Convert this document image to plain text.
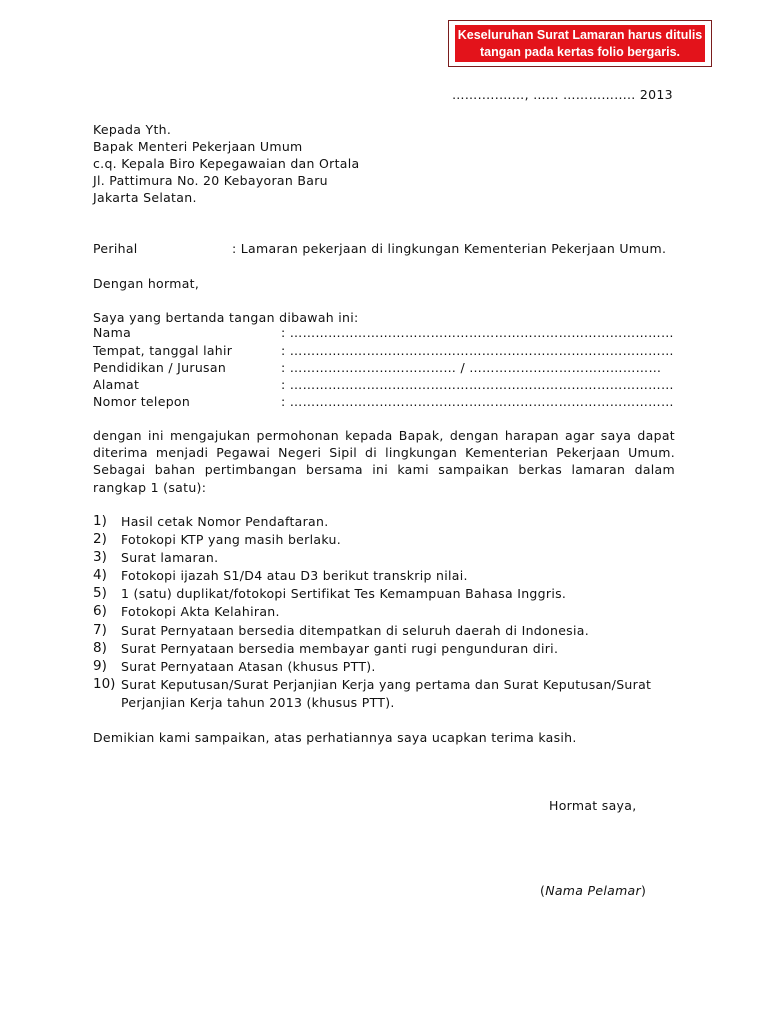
Keseluruhan Surat Lamaran harus ditulis
tangan pada kertas folio bergaris.
…….....……, …... …………..... 2013
Kepada Yth.
Bapak Menteri Pekerjaan Umum
c.q. Kepala Biro Kepegawaian dan Ortala
Jl. Pattimura No. 20 Kebayoran Baru
Jakarta Selatan.
Perihal	: Lamaran pekerjaan di lingkungan Kementerian Pekerjaan Umum.
Dengan hormat,
Saya yang bertanda tangan dibawah ini:
Nama	: ………………………………………………………………………………
Tempat, tanggal lahir	: ………………………………………………………………………………
Pendidikan / Jurusan	: ………………………………… / ………………………………………
Alamat	: ………………………………………………………………………………
Nomor telepon	: ………………………………………………………………………………
dengan ini mengajukan permohonan kepada Bapak, dengan harapan agar saya dapat diterima menjadi Pegawai Negeri Sipil di lingkungan Kementerian Pekerjaan Umum. Sebagai bahan pertimbangan bersama ini kami sampaikan berkas lamaran dalam rangkap 1 (satu):
1) Hasil cetak Nomor Pendaftaran.
2) Fotokopi KTP yang masih berlaku.
3) Surat lamaran.
4) Fotokopi ijazah S1/D4 atau D3 berikut transkrip nilai.
5) 1 (satu) duplikat/fotokopi Sertifikat Tes Kemampuan Bahasa Inggris.
6) Fotokopi Akta Kelahiran.
7) Surat Pernyataan bersedia ditempatkan di seluruh daerah di Indonesia.
8) Surat Pernyataan bersedia membayar ganti rugi pengunduran diri.
9) Surat Pernyataan Atasan (khusus PTT).
10) Surat Keputusan/Surat Perjanjian Kerja yang pertama dan Surat Keputusan/Surat
Perjanjian Kerja tahun 2013 (khusus PTT).
Demikian kami sampaikan, atas perhatiannya saya ucapkan terima kasih.
Hormat saya,
(Nama Pelamar)
